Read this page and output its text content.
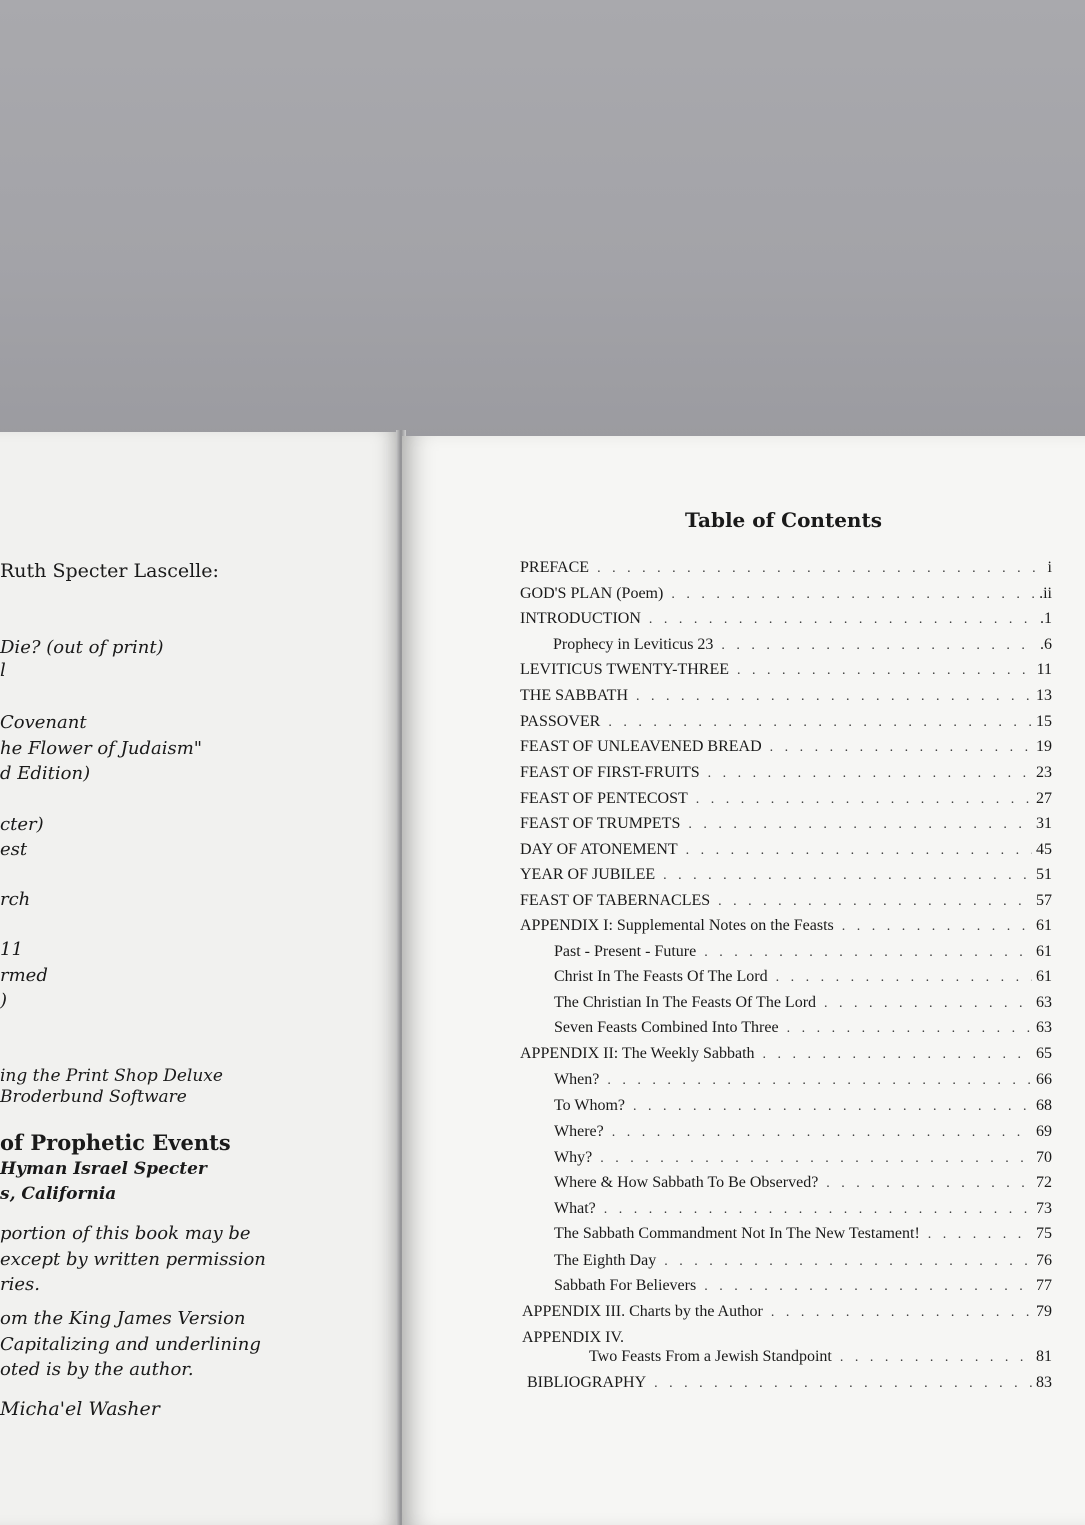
Ruth Specter Lascelle:
Die? (out of print)
l
Covenant
he Flower of Judaism"
d Edition)
cter)
est
rch
11
rmed
)
ing the Print Shop Deluxe
Broderbund Software
of Prophetic Events
Hyman Israel Specter
s, California
portion of this book may be
except by written permission
ries.
om the King James Version
Capitalizing and underlining
oted is by the author.
Micha'el Washer
Table of Contents
PREFACE . . .	i
GOD'S PLAN (Poem) . . .	.ii
INTRODUCTION . . .	.1
Prophecy in Leviticus 23 . . .	.6
LEVITICUS TWENTY-THREE . . .	11
THE SABBATH . . .	13
PASSOVER . . .	15
FEAST OF UNLEAVENED BREAD . . .	19
FEAST OF FIRST-FRUITS . . .	23
FEAST OF PENTECOST . . .	27
FEAST OF TRUMPETS . . .	31
DAY OF ATONEMENT . . .	45
YEAR OF JUBILEE . . .	51
FEAST OF TABERNACLES . . .	57
APPENDIX I: Supplemental Notes on the Feasts . . .	61
Past - Present - Future . . .	61
Christ In The Feasts Of The Lord . . .	61
The Christian In The Feasts Of The Lord . . .	63
Seven Feasts Combined Into Three . . .	63
APPENDIX II: The Weekly Sabbath . . .	65
When? . . .	66
To Whom? . . .	68
Where? . . .	69
Why? . . .	70
Where & How Sabbath To Be Observed? . . .	72
What? . . .	73
The Sabbath Commandment Not In The New Testament! . . .	75
The Eighth Day . . .	76
Sabbath For Believers . . .	77
APPENDIX III. Charts by the Author . . .	79
APPENDIX IV.
Two Feasts From a Jewish Standpoint . . .	81
BIBLIOGRAPHY . . .	83
